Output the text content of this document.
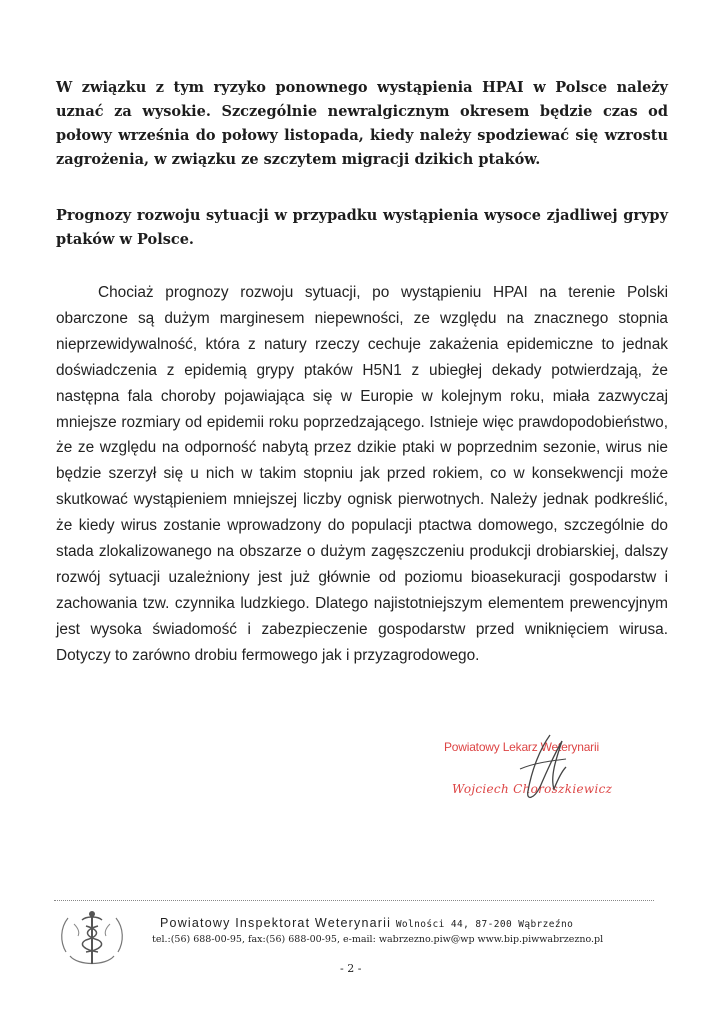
W związku z tym ryzyko ponownego wystąpienia HPAI w Polsce należy uznać za wysokie. Szczególnie newralgicznym okresem będzie czas od połowy września do połowy listopada, kiedy należy spodziewać się wzrostu zagrożenia, w związku ze szczytem migracji dzikich ptaków.

Prognozy rozwoju sytuacji w przypadku wystąpienia wysoce zjadliwej grypy ptaków w Polsce.

Chociaż prognozy rozwoju sytuacji, po wystąpieniu HPAI na terenie Polski obarczone są dużym marginesem niepewności, ze względu na znacznego stopnia nieprzewidywalność, która z natury rzeczy cechuje zakażenia epidemiczne to jednak doświadczenia z epidemią grypy ptaków H5N1 z ubiegłej dekady potwierdzają, że następna fala choroby pojawiająca się w Europie w kolejnym roku, miała zazwyczaj mniejsze rozmiary od epidemii roku poprzedzającego. Istnieje więc prawdopodobieństwo, że ze względu na odporność nabytą przez dzikie ptaki w poprzednim sezonie, wirus nie będzie szerzył się u nich w takim stopniu jak przed rokiem, co w konsekwencji może skutkować wystąpieniem mniejszej liczby ognisk pierwotnych. Należy jednak podkreślić, że kiedy wirus zostanie wprowadzony do populacji ptactwa domowego, szczególnie do stada zlokalizowanego na obszarze o dużym zagęszczeniu produkcji drobiarskiej, dalszy rozwój sytuacji uzależniony jest już głównie od poziomu bioasekuracji gospodarstw i zachowania tzw. czynnika ludzkiego. Dlatego najistotniejszym elementem prewencyjnym jest wysoka świadomość i zabezpieczenie gospodarstw przed wniknięciem wirusa. Dotyczy to zarówno drobiu fermowego jak i przyzagrodowego.

Powiatowy Lekarz Weterynarii
Wojciech Choroszkiewicz
Powiatowy Inspektorat Weterynarii Wolności 44, 87-200 Wąbrzeźno
tel.:(56) 688-00-95, fax:(56) 688-00-95, e-mail: wabrzezno.piw@wp www.bip.piwwabrzezno.pl
- 2 -
